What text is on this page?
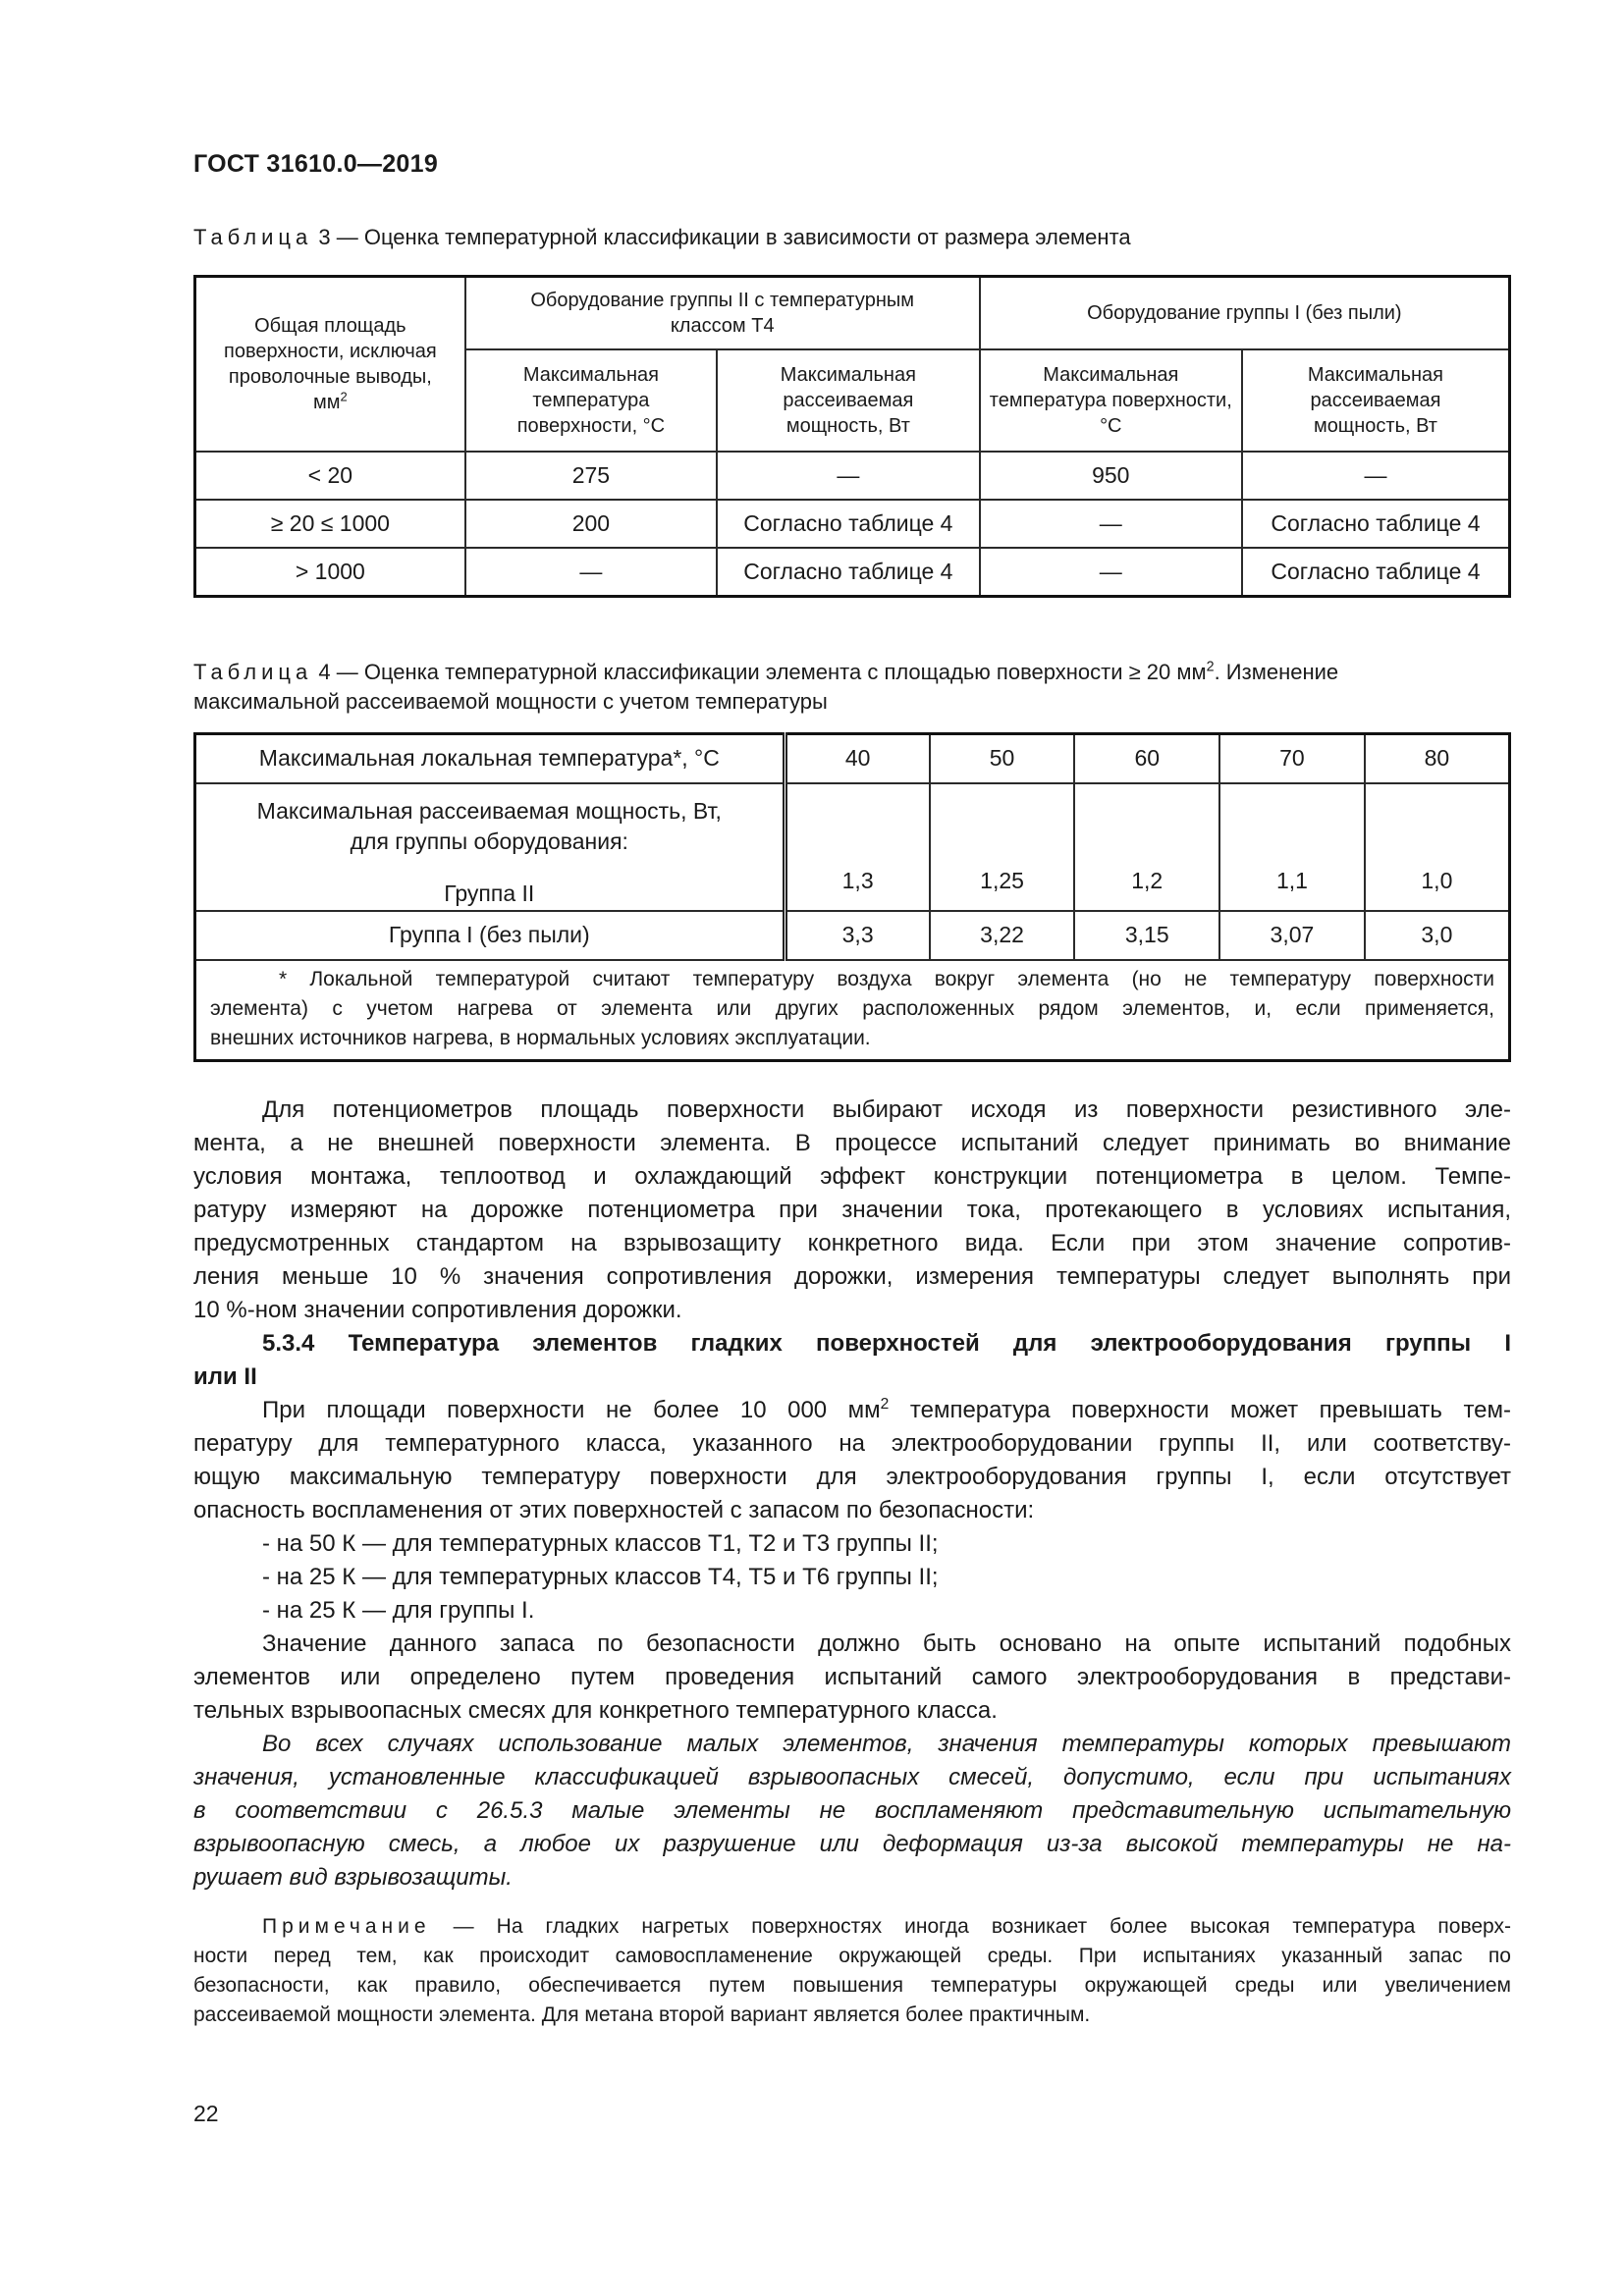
ГОСТ 31610.0—2019
Таблица 3 — Оценка температурной классификации в зависимости от размера элемента
Общая площадь поверхности, исключая проволочные выводы, $мм^2$	Оборудование группы II с температурным классом Т4		Оборудование группы I (без пыли)	
	Максимальная температура поверхности, °С	Максимальная рассеиваемая мощность, Вт	Максимальная температура поверхности, °С	Максимальная рассеиваемая мощность, Вт
< 20	275	—	950	—
≥ 20 ≤ 1000	200	Согласно таблице 4	—	Согласно таблице 4
> 1000	—	Согласно таблице 4	—	Согласно таблице 4
Таблица 4 — Оценка температурной классификации элемента с площадью поверхности ≥ 20 $мм^2$. Изменение
максимальной рассеиваемой мощности с учетом температуры
Максимальная локальная температура*, °С	40	50	60	70	80

Максимальная рассеиваемая мощность, Вт,
для группы оборудования:
Группа II	1,3	1,25	1,2	1,1	1,0
Группа I (без пыли)	3,3	3,22	3,15	3,07	3,0

* Локальной температурой считают температуру воздуха вокруг элемента (но не температуру поверхности
элемента) с учетом нагрева от элемента или других расположенных рядом элементов, и, если применяется,
внешних источников нагрева, в нормальных условиях эксплуатации.					
Для потенциометров площадь поверхности выбирают исходя из поверхности резистивного эле-
мента, а не внешней поверхности элемента. В процессе испытаний следует принимать во внимание
условия монтажа, теплоотвод и охлаждающий эффект конструкции потенциометра в целом. Темпе-
ратуру измеряют на дорожке потенциометра при значении тока, протекающего в условиях испытания,
предусмотренных стандартом на взрывозащиту конкретного вида. Если при этом значение сопротив-
ления меньше 10 % значения сопротивления дорожки, измерения температуры следует выполнять при
10 %-ном значении сопротивления дорожки.
5.3.4 Температура элементов гладких поверхностей для электрооборудования группы I
или II
При площади поверхности не более 10 000 $мм^2$ температура поверхности может превышать тем-
пературу для температурного класса, указанного на электрооборудовании группы II, или соответству-
ющую максимальную температуру поверхности для электрооборудования группы I, если отсутствует
опасность воспламенения от этих поверхностей с запасом по безопасности:
- на 50 К — для температурных классов Т1, Т2 и Т3 группы II;
- на 25 К — для температурных классов Т4, Т5 и Т6 группы II;
- на 25 К — для группы I.
Значение данного запаса по безопасности должно быть основано на опыте испытаний подобных
элементов или определено путем проведения испытаний самого электрооборудования в представи-
тельных взрывоопасных смесях для конкретного температурного класса.
Во всех случаях использование малых элементов, значения температуры которых превышают
значения, установленные классификацией взрывоопасных смесей, допустимо, если при испытаниях
в соответствии с 26.5.3 малые элементы не воспламеняют представительную испытательную
взрывоопасную смесь, а любое их разрушение или деформация из-за высокой температуры не на-
рушает вид взрывозащиты.
Примечание — На гладких нагретых поверхностях иногда возникает более высокая температура поверх-
ности перед тем, как происходит самовоспламенение окружающей среды. При испытаниях указанный запас по
безопасности, как правило, обеспечивается путем повышения температуры окружающей среды или увеличением
рассеиваемой мощности элемента. Для метана второй вариант является более практичным.
22
